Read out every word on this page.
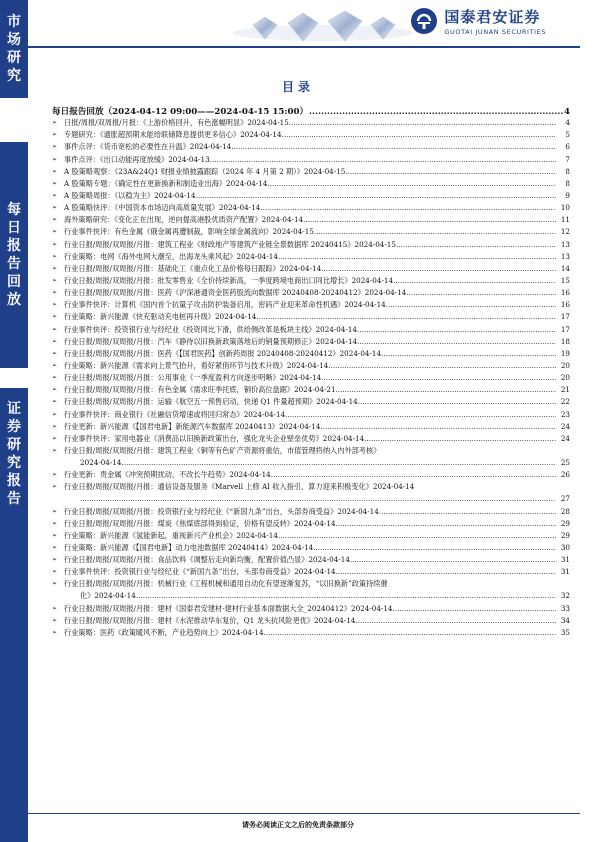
市
场
研
究
每
日
报
告
回
放
证
券
研
究
报
告
国泰君安证券
GUOTAI JUNAN SECURITIES
目录
每日报告回放（2024-04-12 09:00——2024-04-15 15:00） .....	4
➢ 日报/周报/双周报/月报：《上游价格回升，有色涨幅明显》2024-04-15 .....	4
➢ 专题研究：《通胀超预期未能给联储降息提供更多信心》2024-04-14 .....	5
➢ 事件点评：《货币宽松的必要性在升温》2024-04-14 .....	6
➢ 事件点评：《出口动能再度放缓》2024-04-13 .....	7
➢ A 股策略观察：《23A&24Q1 财报业绩披露跟踪（2024 年 4 月第 2 期）》2024-04-15 .....	8
➢ A 股策略专题：《确定性在更新换新和制造业出海》2024-04-14 .....	8
➢ A 股策略周报：《以稳为主》2024-04-14 .....	9
➢ A 股策略快评：《中国资本市场迈向高质量发展》2024-04-14 .....	10
➢ 海外策略研究：《变化正在出现，逆向提高港股优质资产配置》2024-04-14 .....	11
➢ 行业事件快评：有色金属《俄金属再遭制裁，影响全球金属流向》2024-04-15 .....	12
➢ 行业日报/周报/双周报/月报：建筑工程业《财政地产等建筑产业链全景数据库 20240415》2024-04-15 .....	13
➢ 行业策略：电网《海外电网大潮至，出海龙头乘风起》2024-04-14 .....	13
➢ 行业日报/周报/双周报/月报：基础化工《重点化工品价格每日跟踪》2024-04-14 .....	14
➢ 行业日报/周报/双周报/月报：批发零售业《全价持续新高，一季度跨境电商出口同比增长》2024-04-14 .....	15
➢ 行业日报/周报/双周报/月报：医药《沪深港通资金医药股流向数据库 20240408-20240412》2024-04-14 .....	16
➢ 行业事件快评：计算机《国内首个抗量子攻击防护装备启用，密码产业迎来革命性机遇》2024-04-14 .....	16
➢ 行业策略：新兴能源《快充驱动充电桩再升级》2024-04-14 .....	17
➢ 行业事件快评：投资银行业与经纪业《投资同比下滑，供给侧改革是板块主线》2024-04-14 .....	17
➢ 行业日报/周报/双周报/月报：汽车《静待以旧换新政策落地后的销量预期修正》2024-04-14 .....	18
➢ 行业日报/周报/双周报/月报：医药《【国君医药】创新药周报 20240408-20240412》2024-04-14 .....	19
➢ 行业策略：新兴能源《需求向上景气抬升，看好紧俏环节与技术升级》2024-04-14 .....	20
➢ 行业日报/周报/双周报/月报：公用事业《一季度盈利方向逐步明晰》2024-04-14 .....	20
➢ 行业日报/周报/双周报/月报：有色金属《需求旺季托底，铜价高位盘踞》2024-04-21 .....	21
➢ 行业日报/周报/双周报/月报：运输《航空五一预售启动，快递 Q1 件量超预期》2024-04-14 .....	22
➢ 行业事件快评：商业银行《社融信贷增速或将回归常态》2024-04-14 .....	23
➢ 行业更新：新兴能源《【国君电新】新能源汽车数据库 20240413》2024-04-14 .....	24
➢ 行业事件快评：家用电器业《消费品以旧换新政策出台，强化龙头企业壁垒优势》2024-04-14 .....	24
➢ 行业日报/周报/双周报/月报：建筑工程业《铜等有色矿产资源将重估，市值管理将纳入内外部考核》
2024-04-14 .....	25
➢ 行业更新：贵金属《冲突预期扰动，不改长牛趋势》2024-04-14 .....	26
➢ 行业日报/周报/双周报/月报：通信设备及服务《Marvell 上修 AI 收入指引，算力迎来积极变化》2024-04-14
.....
27
➢ 行业日报/周报/双周报/月报：投资银行业与经纪业《“新国九条”出台，头部券商受益》2024-04-14 .....	28
➢ 行业日报/周报/双周报/月报：煤炭《焦煤底部得到验证，价格有望反转》2024-04-14 .....	29
➢ 行业策略：新兴能源《氢能新起，重视新兴产业机会》2024-04-14 .....	29
➢ 行业策略：新兴能源《【国君电新】动力电池数据库 20240414》2024-04-14 .....	30
➢ 行业日报/周报/双周报/月报：食品饮料《调整后走向新均衡，配置价值凸显》2024-04-14 .....	31
➢ 行业事件快评：投资银行业与经纪业《“新国九条”出台，头部券商受益》2024-04-14 .....	31
➢ 行业日报/周报/双周报/月报：机械行业《工程机械和通用自动化有望逐渐复苏，“以旧换新”政策持续催
化》2024-04-14 .....	32
➢ 行业日报/周报/双周报/月报：建材《国泰君安建材-建材行业基本面数据大全_20240412》2024-04-14 .....	33
➢ 行业日报/周报/双周报/月报：建材《水泥推动华东复价，Q1 龙头抗风险更优》2024-04-14 .....	34
➢ 行业策略：医药《政策暖风不断，产业趋势向上》2024-04-14 .....	35
请务必阅读正文之后的免责条款部分
